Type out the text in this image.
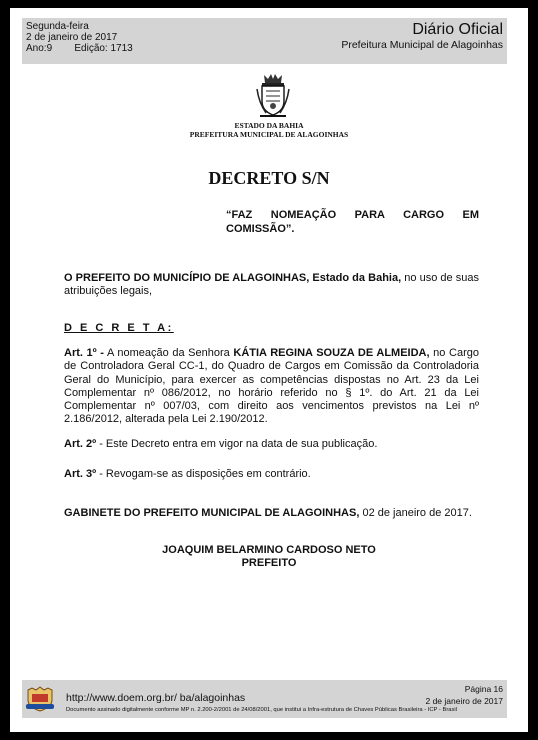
Segunda-feira
2 de janeiro de 2017
Ano:9        Edição: 1713
Diário Oficial
Prefeitura Municipal de Alagoinhas
ESTADO DA BAHIA
PREFEITURA MUNICIPAL DE ALAGOINHAS
DECRETO S/N
“FAZ NOMEAÇÃO PARA CARGO EM COMISSÃO”.
O PREFEITO DO MUNICÍPIO DE ALAGOINHAS, Estado da Bahia, no uso de suas atribuições legais,
D E C R E T A:
Art. 1º - A nomeação da Senhora KÁTIA REGINA SOUZA DE ALMEIDA, no Cargo de Controladora Geral CC-1, do Quadro de Cargos em Comissão da Controladoria Geral do Município, para exercer as competências dispostas no Art. 23 da Lei Complementar nº 086/2012, no horário referido no § 1º. do Art. 21 da Lei Complementar nº 007/03, com direito aos vencimentos previstos na Lei nº 2.186/2012, alterada pela Lei 2.190/2012.
Art. 2º - Este Decreto entra em vigor na data de sua publicação.
Art. 3º - Revogam-se as disposições em contrário.
GABINETE DO PREFEITO MUNICIPAL DE ALAGOINHAS, 02 de janeiro de 2017.
JOAQUIM BELARMINO CARDOSO NETO
PREFEITO
http://www.doem.org.br/ ba/alagoinhas
Página 16
2 de janeiro de 2017
Documento assinado digitalmente conforme MP n. 2.200-2/2001 de 24/08/2001, que institui a Infra-estrutura de Chaves Públicas Brasileira - ICP - Brasil
